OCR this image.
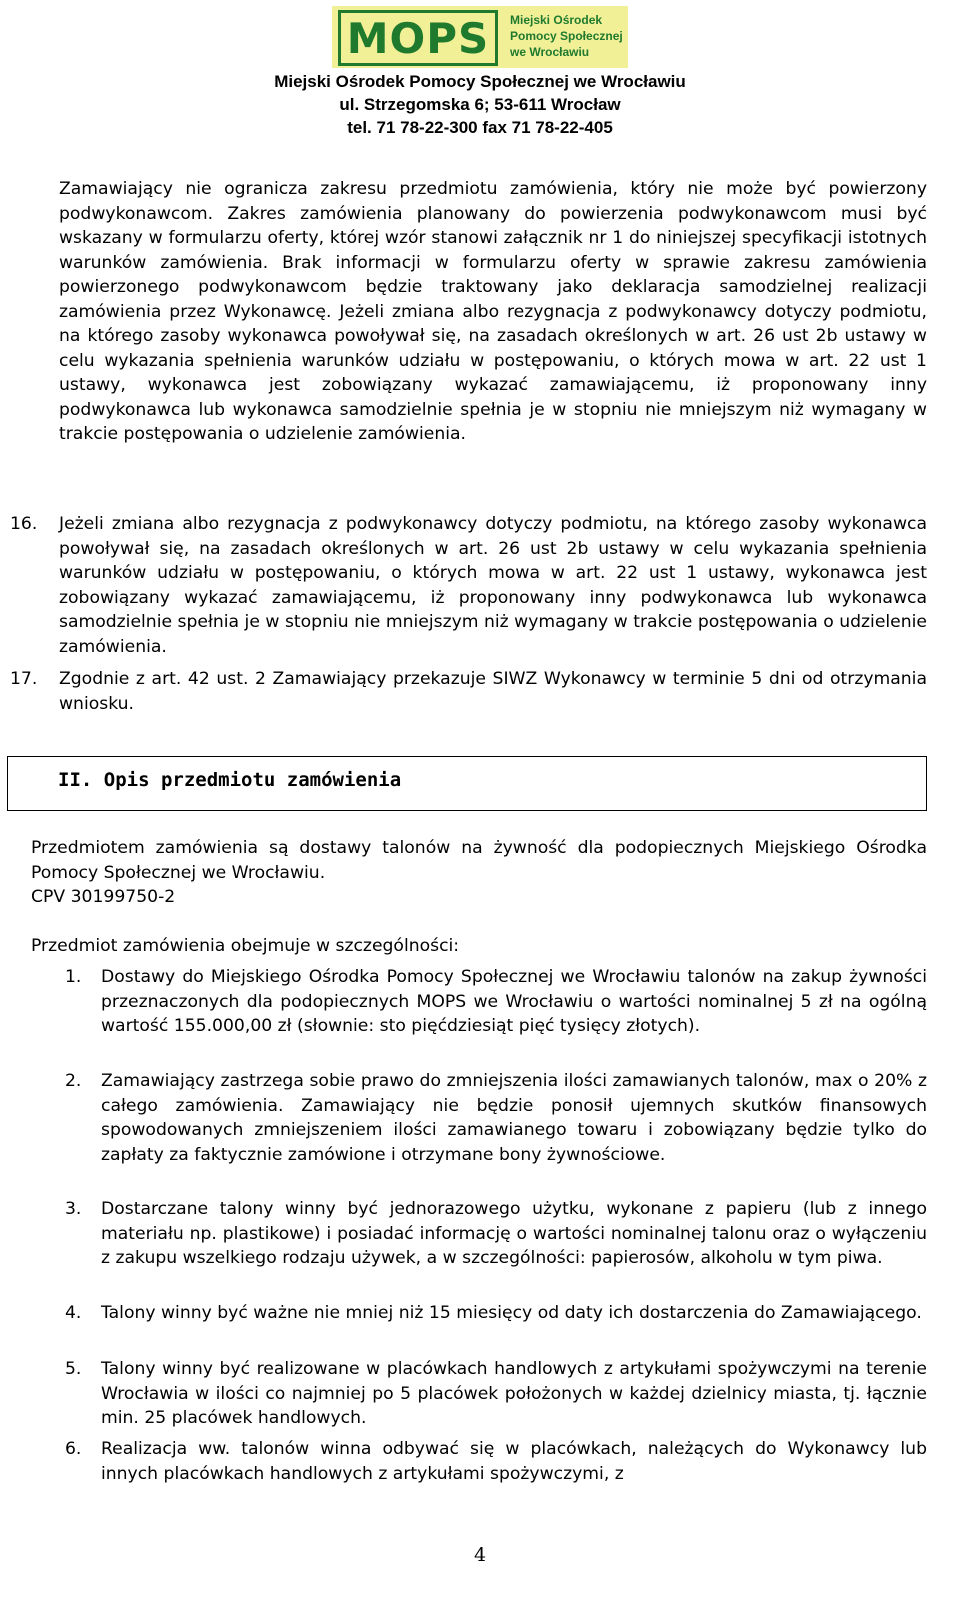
MOPS	Miejski Ośrodek
Pomocy Społecznej
we Wrocławiu
Miejski Ośrodek Pomocy Społecznej we Wrocławiu
ul. Strzegomska 6; 53-611 Wrocław
tel. 71 78-22-300 fax 71 78-22-405
Zamawiający nie ogranicza zakresu przedmiotu zamówienia, który nie może być powierzony podwykonawcom. Zakres zamówienia planowany do powierzenia podwykonawcom musi być wskazany w formularzu oferty, której wzór stanowi załącznik nr 1 do niniejszej specyfikacji istotnych warunków zamówienia. Brak informacji w formularzu oferty w sprawie zakresu zamówienia powierzonego podwykonawcom będzie traktowany jako deklaracja samodzielnej realizacji zamówienia przez Wykonawcę. Jeżeli zmiana albo rezygnacja z podwykonawcy dotyczy podmiotu, na którego zasoby wykonawca powoływał się, na zasadach określonych w art. 26 ust 2b ustawy w celu wykazania spełnienia warunków udziału w postępowaniu, o których mowa w art. 22 ust 1 ustawy, wykonawca jest zobowiązany wykazać zamawiającemu, iż proponowany inny podwykonawca lub wykonawca samodzielnie spełnia je w stopniu nie mniejszym niż wymagany w trakcie postępowania o udzielenie zamówienia.
16. Jeżeli zmiana albo rezygnacja z podwykonawcy dotyczy podmiotu, na którego zasoby wykonawca powoływał się, na zasadach określonych w art. 26 ust 2b ustawy w celu wykazania spełnienia warunków udziału w postępowaniu, o których mowa w art. 22 ust 1 ustawy, wykonawca jest zobowiązany wykazać zamawiającemu, iż proponowany inny podwykonawca lub wykonawca samodzielnie spełnia je w stopniu nie mniejszym niż wymagany w trakcie postępowania o udzielenie zamówienia.
17. Zgodnie z art. 42 ust. 2 Zamawiający przekazuje SIWZ Wykonawcy w terminie 5 dni od otrzymania wniosku.
II. Opis przedmiotu zamówienia
Przedmiotem zamówienia są dostawy talonów na żywność dla podopiecznych Miejskiego Ośrodka Pomocy Społecznej we Wrocławiu.
CPV 30199750-2
Przedmiot zamówienia obejmuje w szczególności:
1. Dostawy do Miejskiego Ośrodka Pomocy Społecznej we Wrocławiu talonów na zakup żywności przeznaczonych dla podopiecznych MOPS we Wrocławiu o wartości nominalnej 5 zł na ogólną wartość 155.000,00 zł (słownie: sto pięćdziesiąt pięć tysięcy złotych).
2. Zamawiający zastrzega sobie prawo do zmniejszenia ilości zamawianych talonów, max o 20% z całego zamówienia. Zamawiający nie będzie ponosił ujemnych skutków finansowych spowodowanych zmniejszeniem ilości zamawianego towaru i zobowiązany będzie tylko do zapłaty za faktycznie zamówione i otrzymane bony żywnościowe.
3. Dostarczane talony winny być jednorazowego użytku, wykonane z papieru (lub z innego materiału np. plastikowe) i posiadać informację o wartości nominalnej talonu oraz o wyłączeniu z zakupu wszelkiego rodzaju używek, a w szczególności: papierosów, alkoholu w tym piwa.
4. Talony winny być ważne nie mniej niż 15 miesięcy od daty ich dostarczenia do Zamawiającego.
5. Talony winny być realizowane w placówkach handlowych z artykułami spożywczymi na terenie Wrocławia w ilości co najmniej po 5 placówek położonych w każdej dzielnicy miasta, tj. łącznie min. 25 placówek handlowych.
6. Realizacja ww. talonów winna odbywać się w placówkach, należących do Wykonawcy lub innych placówkach handlowych z artykułami spożywczymi, z
4
